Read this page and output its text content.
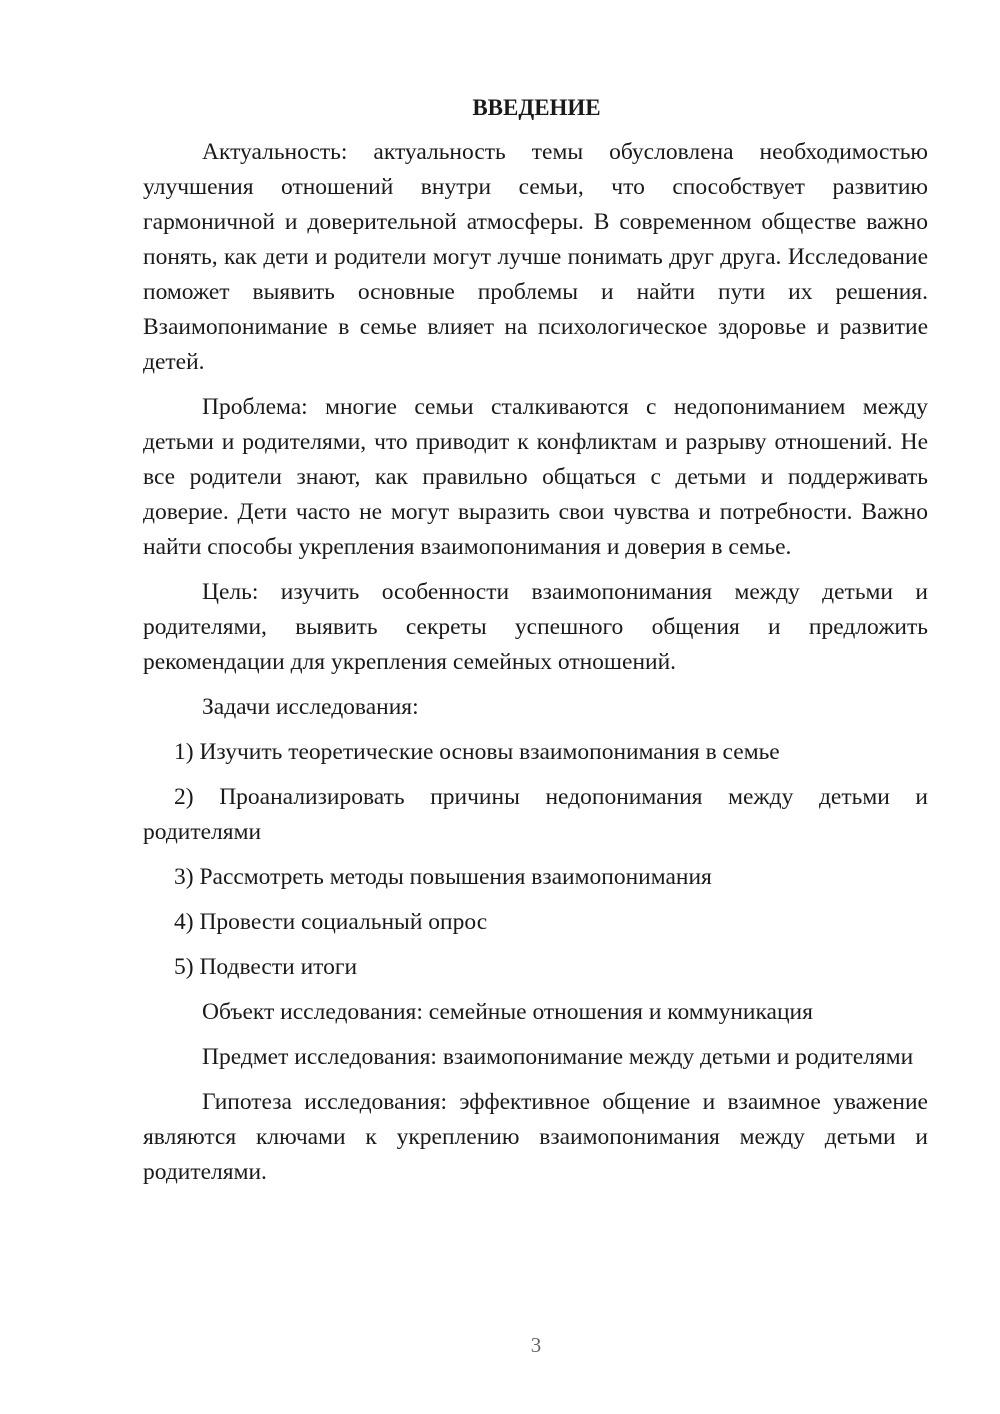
ВВЕДЕНИЕ

Актуальность: актуальность темы обусловлена необходимостью улучшения отношений внутри семьи, что способствует развитию гармоничной и доверительной атмосферы. В современном обществе важно понять, как дети и родители могут лучше понимать друг друга. Исследование поможет выявить основные проблемы и найти пути их решения. Взаимопонимание в семье влияет на психологическое здоровье и развитие детей.

Проблема: многие семьи сталкиваются с недопониманием между детьми и родителями, что приводит к конфликтам и разрыву отношений. Не все родители знают, как правильно общаться с детьми и поддерживать доверие. Дети часто не могут выразить свои чувства и потребности. Важно найти способы укрепления взаимопонимания и доверия в семье.

Цель: изучить особенности взаимопонимания между детьми и родителями, выявить секреты успешного общения и предложить рекомендации для укрепления семейных отношений.

Задачи исследования:

1) Изучить теоретические основы взаимопонимания в семье

2) Проанализировать причины недопонимания между детьми и родителями

3) Рассмотреть методы повышения взаимопонимания

4) Провести социальный опрос

5) Подвести итоги

Объект исследования: семейные отношения и коммуникация

Предмет исследования: взаимопонимание между детьми и родителями

Гипотеза исследования: эффективное общение и взаимное уважение являются ключами к укреплению взаимопонимания между детьми и родителями.

3
